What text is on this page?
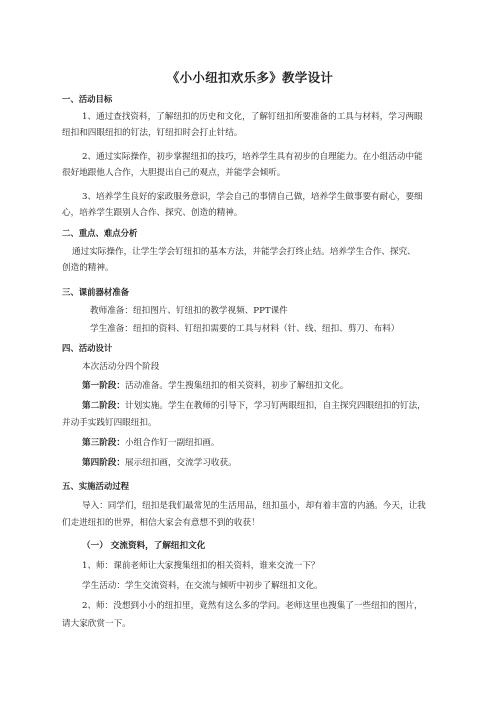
《小小纽扣欢乐多》教学设计
一、活动目标
1、通过查找资料，了解纽扣的历史和文化，了解钉纽扣所要准备的工具与材料，学习两眼
纽扣和四眼纽扣的钉法，钉纽扣时会打止针结。
2、通过实际操作，初步掌握纽扣的技巧，培养学生具有初步的自理能力。在小组活动中能
很好地跟他人合作，大胆提出自己的观点，并能学会倾听。
3、培养学生良好的家政服务意识，学会自己的事情自己做，培养学生做事要有耐心，要细
心，培养学生跟别人合作、探究、创造的精神。
二、重点、难点分析
通过实际操作，让学生学会钉纽扣的基本方法，并能学会打终止结。培养学生合作、探究、
创造的精神。
三、课前器材准备
教师准备：纽扣图片、钉纽扣的教学视频、PPT课件
学生准备：纽扣的资料、钉纽扣需要的工具与材料（针、线、纽扣、剪刀、布料）
四、活动设计
本次活动分四个阶段
第一阶段：活动准备。学生搜集纽扣的相关资料，初步了解纽扣文化。
第二阶段：计划实施。学生在教师的引导下，学习钉两眼纽扣，自主探究四眼纽扣的钉法，
并动手实践钉四眼纽扣。
第三阶段：小组合作钉一副纽扣画。
第四阶段：展示纽扣画，交流学习收获。
五、实施活动过程
导入：同学们，纽扣是我们最常见的生活用品，纽扣虽小，却有着丰富的内涵。今天，让我
们走进纽扣的世界，相信大家会有意想不到的收获！
（一） 交流资料，了解纽扣文化
1、师：课前老师让大家搜集纽扣的相关资料，谁来交流一下？
学生活动：学生交流资料，在交流与倾听中初步了解纽扣文化。
2、师：没想到小小的纽扣里，竟然有这么多的学问。老师这里也搜集了一些纽扣的图片，
请大家欣赏一下。
